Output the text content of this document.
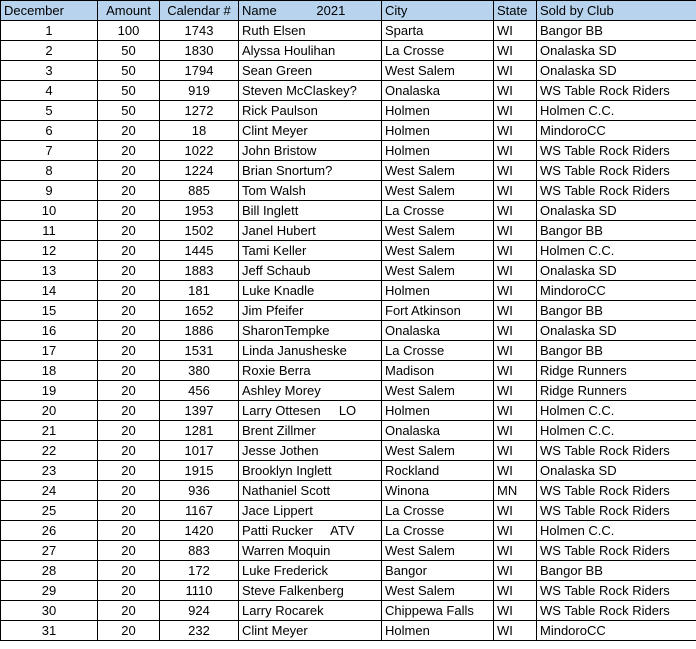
December	Amount	Calendar #	Name           2021	City	State	Sold by Club
1	100	1743	Ruth Elsen	Sparta	WI	Bangor BB
2	50	1830	Alyssa Houlihan	La Crosse	WI	Onalaska SD
3	50	1794	Sean Green	West Salem	WI	Onalaska SD
4	50	919	Steven McClaskey?	Onalaska	WI	WS Table Rock Riders
5	50	1272	Rick Paulson	Holmen	WI	Holmen C.C.
6	20	18	Clint Meyer	Holmen	WI	MindoroCC
7	20	1022	John Bristow	Holmen	WI	WS Table Rock Riders
8	20	1224	Brian Snortum?	West Salem	WI	WS Table Rock Riders
9	20	885	Tom Walsh	West Salem	WI	WS Table Rock Riders
10	20	1953	Bill Inglett	La Crosse	WI	Onalaska SD
11	20	1502	Janel Hubert	West Salem	WI	Bangor BB
12	20	1445	Tami Keller	West Salem	WI	Holmen C.C.
13	20	1883	Jeff Schaub	West Salem	WI	Onalaska SD
14	20	181	Luke Knadle	Holmen	WI	MindoroCC
15	20	1652	Jim Pfeifer	Fort Atkinson	WI	Bangor BB
16	20	1886	SharonTempke	Onalaska	WI	Onalaska SD
17	20	1531	Linda Janusheske	La Crosse	WI	Bangor BB
18	20	380	Roxie Berra	Madison	WI	Ridge Runners
19	20	456	Ashley Morey	West Salem	WI	Ridge Runners
20	20	1397	Larry Ottesen     LO	Holmen	WI	Holmen C.C.
21	20	1281	Brent Zillmer	Onalaska	WI	Holmen C.C.
22	20	1017	Jesse Jothen	West Salem	WI	WS Table Rock Riders
23	20	1915	Brooklyn Inglett	Rockland	WI	Onalaska SD
24	20	936	Nathaniel Scott	Winona	MN	WS Table Rock Riders
25	20	1167	Jace Lippert	La Crosse	WI	WS Table Rock Riders
26	20	1420	Patti Rucker     ATV	La Crosse	WI	Holmen C.C.
27	20	883	Warren Moquin	West Salem	WI	WS Table Rock Riders
28	20	172	Luke Frederick	Bangor	WI	Bangor BB
29	20	1110	Steve Falkenberg	West Salem	WI	WS Table Rock Riders
30	20	924	Larry Rocarek	Chippewa Falls	WI	WS Table Rock Riders
31	20	232	Clint Meyer	Holmen	WI	MindoroCC
